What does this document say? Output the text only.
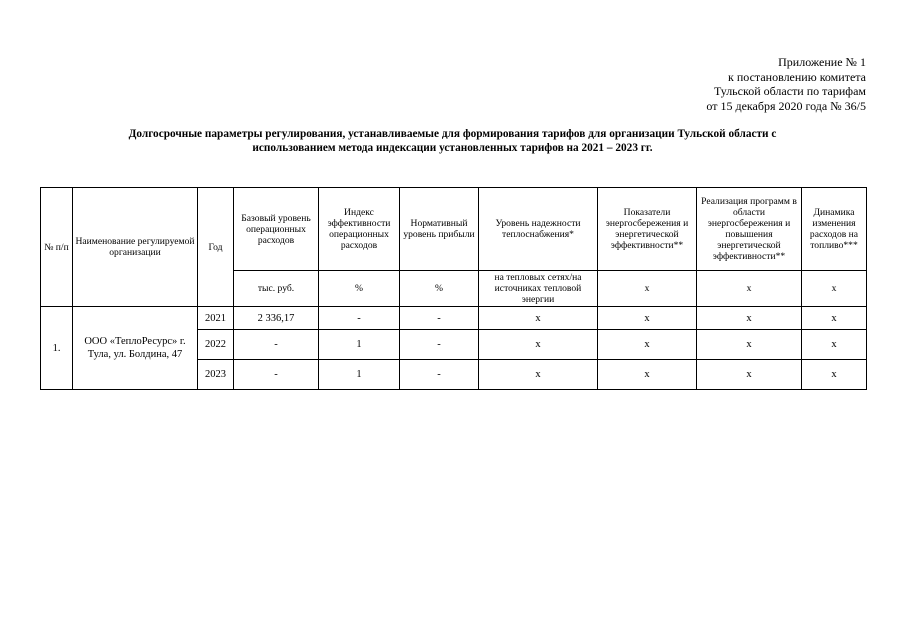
Приложение № 1
к постановлению комитета
Тульской области по тарифам
от 15 декабря 2020 года № 36/5
Долгосрочные параметры регулирования, устанавливаемые для формирования тарифов для организации Тульской области с
использованием метода индексации установленных тарифов на 2021 – 2023 гг.
№ п/п	Наименование регулируемой организации	Год	Базовый уровень операционных расходов	Индекс эффективности операционных расходов	Нормативный уровень прибыли	Уровень надежности теплоснабжения*	Показатели энергосбережения и энергетической эффективности**	Реализация программ в области энергосбережения и повышения энергетической эффективности**	Динамика изменения расходов на топливо***
			тыс. руб.	%	%	на тепловых сетях/на источниках тепловой энергии	х	х	х
1.	ООО «ТеплоРесурс» г. Тула, ул. Болдина, 47	2021	2 336,17	-	-	х	х	х	х
		2022	-	1	-	х	х	х	х
		2023	-	1	-	х	х	х	х
